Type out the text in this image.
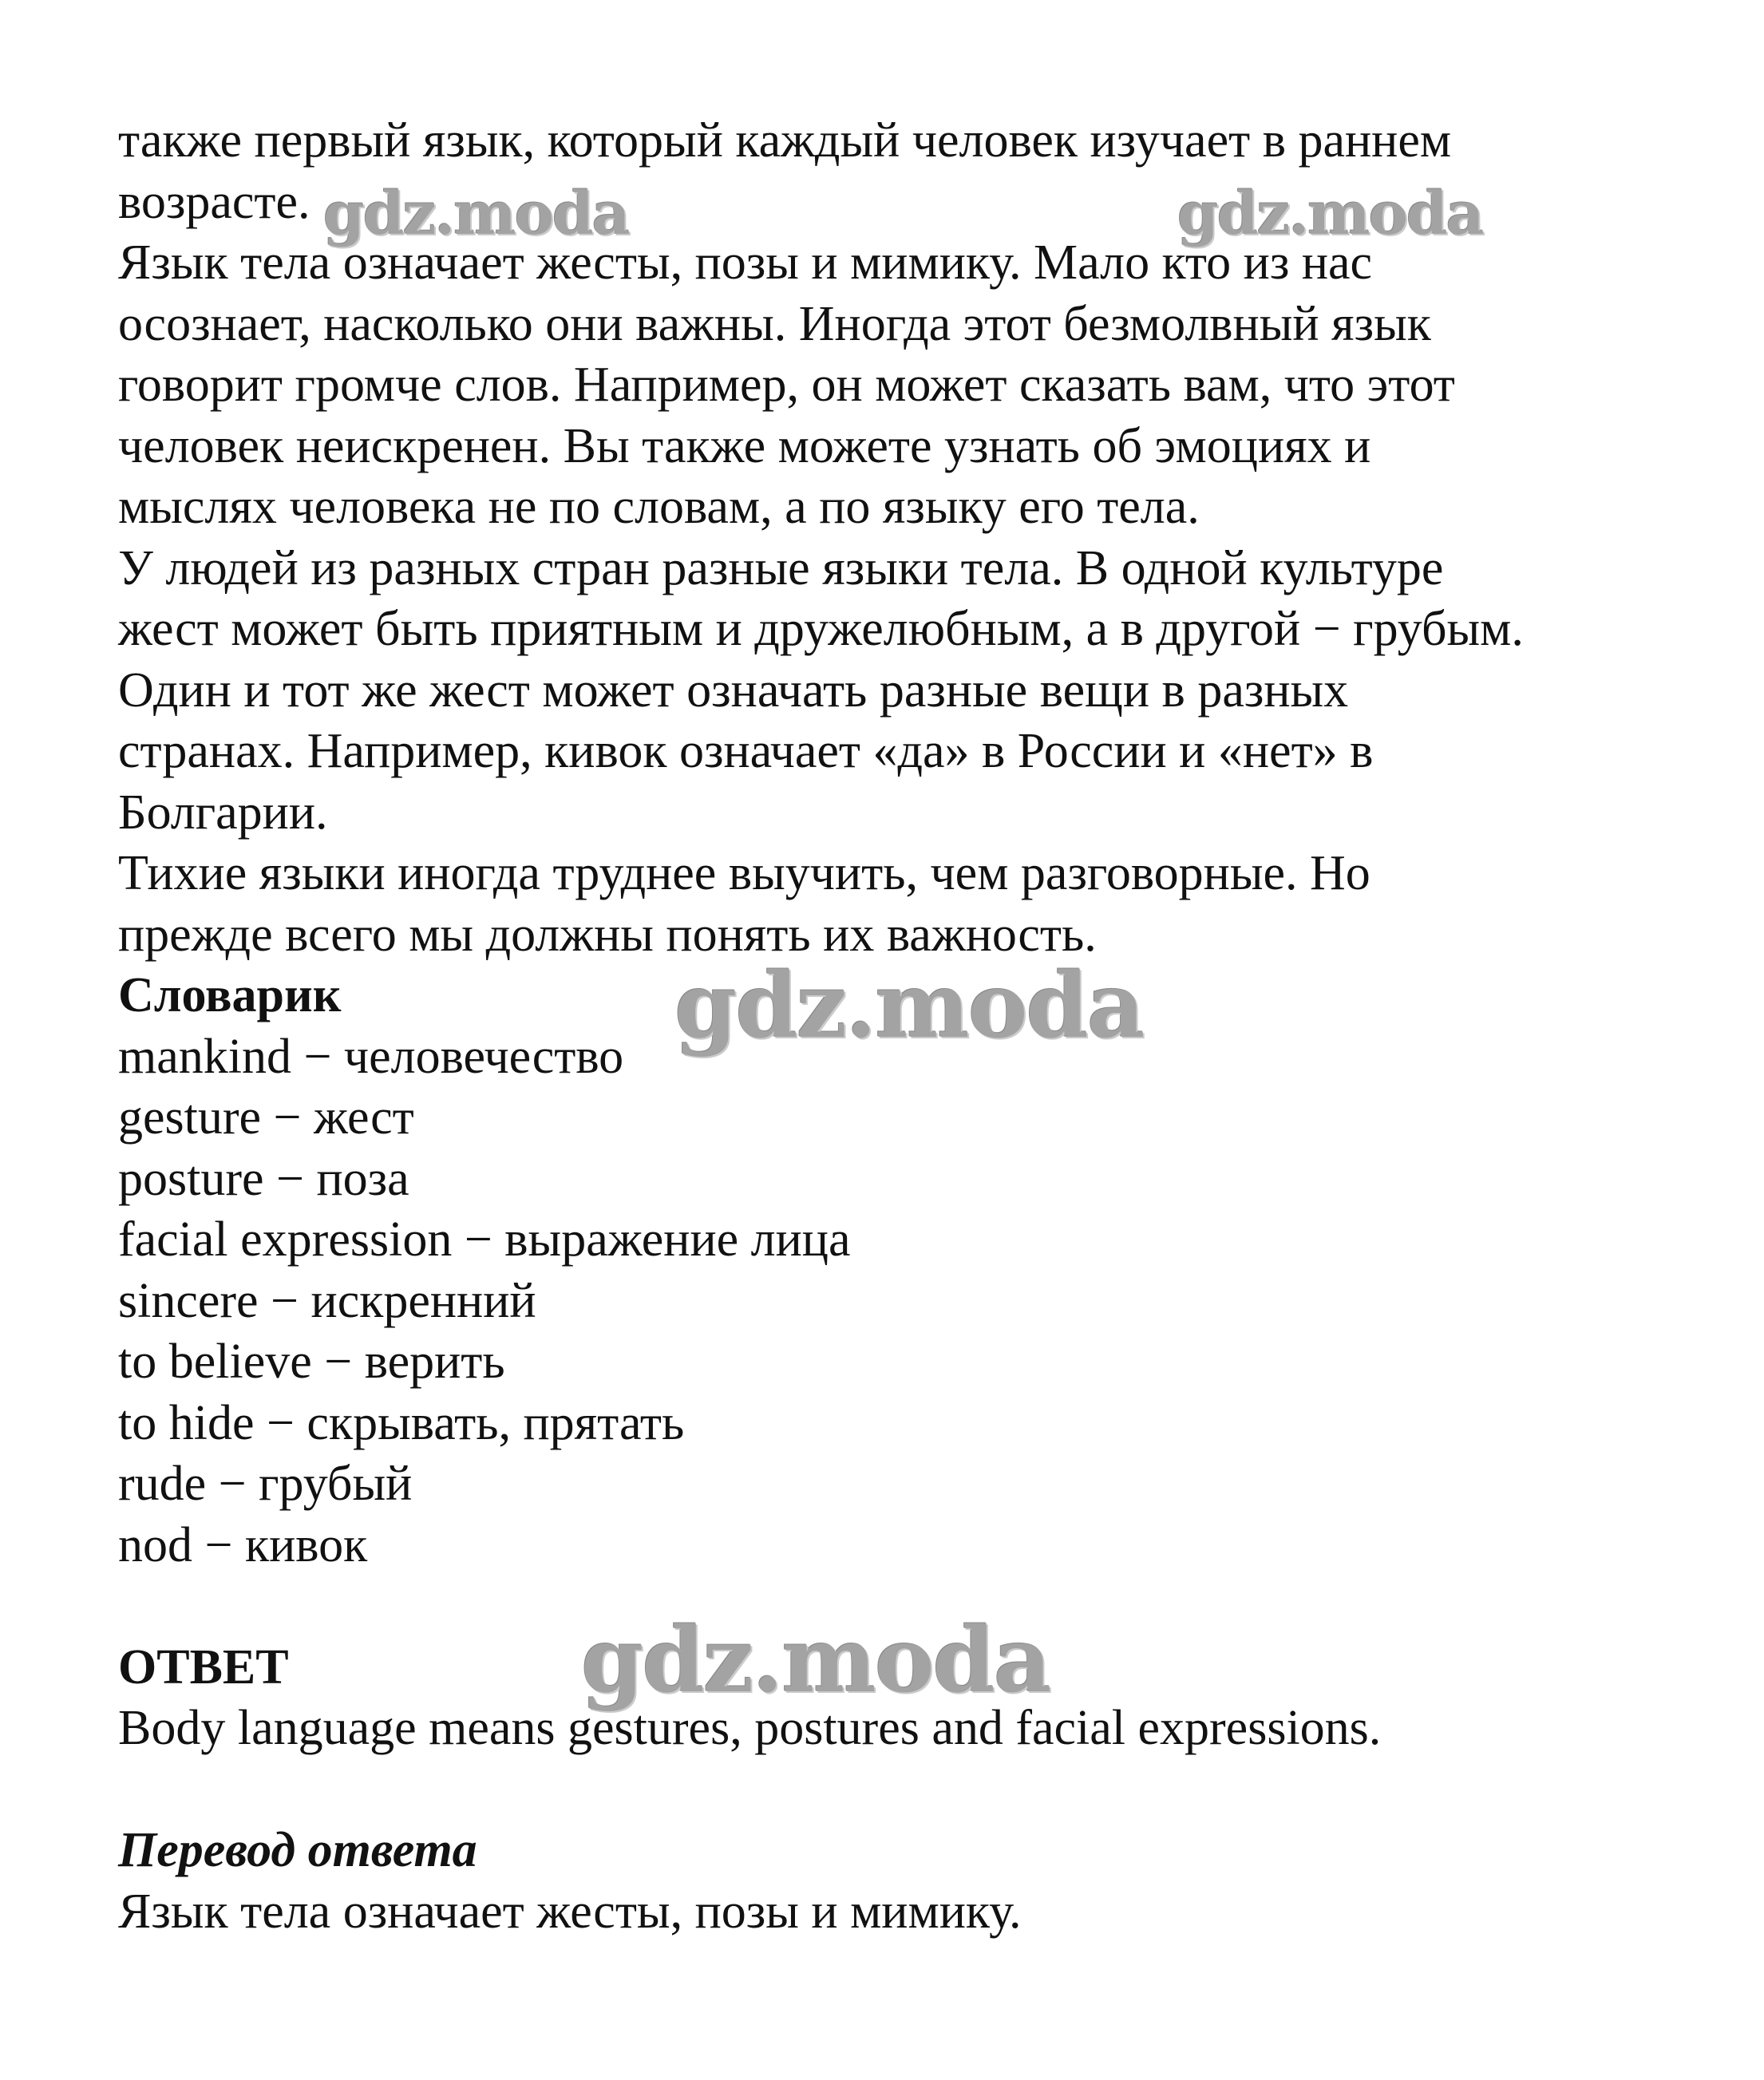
также первый язык, который каждый человек изучает в раннем
возрасте.
Язык тела означает жесты, позы и мимику. Мало кто из нас
осознает, насколько они важны. Иногда этот безмолвный язык
говорит громче слов. Например, он может сказать вам, что этот
человек неискренен. Вы также можете узнать об эмоциях и
мыслях человека не по словам, а по языку его тела.
У людей из разных стран разные языки тела. В одной культуре
жест может быть приятным и дружелюбным, а в другой − грубым.
Один и тот же жест может означать разные вещи в разных
странах. Например, кивок означает «да» в России и «нет» в
Болгарии.
Тихие языки иногда труднее выучить, чем разговорные. Но
прежде всего мы должны понять их важность.
Словарик
mankind − человечество
gesture − жест
posture − поза
facial expression − выражение лица
sincere − искренний
to believe − верить
to hide − скрывать, прятать
rude − грубый
nod − кивок
ОТВЕТ
Body language means gestures, postures and facial expressions.
Перевод ответа
Язык тела означает жесты, позы и мимику.
gdz.moda	gdz.moda
gdz.moda
gdz.moda
